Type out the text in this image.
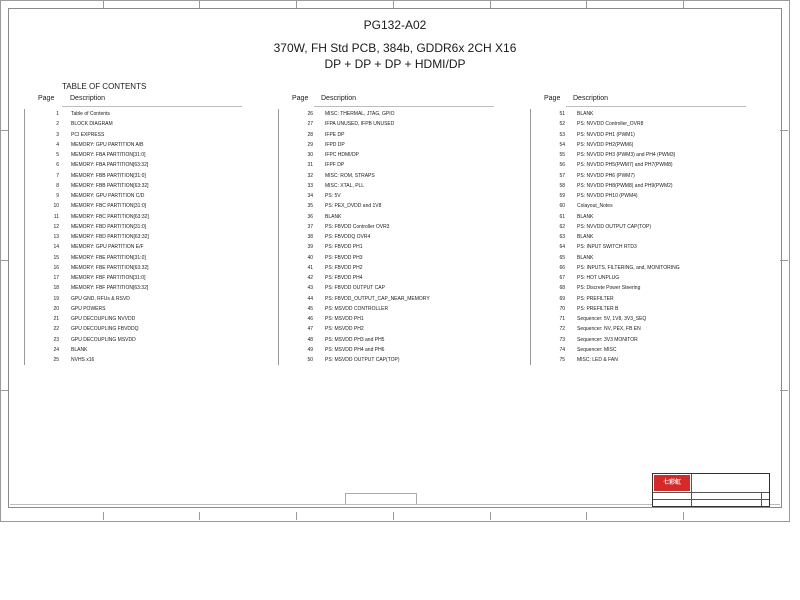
PG132-A02
370W, FH Std PCB, 384b, GDDR6x 2CH X16
DP + DP + DP + HDMI/DP
TABLE OF CONTENTS
Page Description
1 Table of Contents
2 BLOCK DIAGRAM
3 PCI EXPRESS
4 MEMORY: GPU PARTITION A/B
5 MEMORY: FBA PARTITION[31:0]
6 MEMORY: FBA PARTITION[63:32]
7 MEMORY: FBB PARTITION[31:0]
8 MEMORY: FBB PARTITION[63:32]
9 MEMORY: GPU PARTITION C/D
10 MEMORY: FBC PARTITION[31:0]
11 MEMORY: FBC PARTITION[63:32]
12 MEMORY: FBD PARTITION[31:0]
13 MEMORY: FBD PARTITION[63:32]
14 MEMORY: GPU PARTITION E/F
15 MEMORY: FBE PARTITION[31:0]
16 MEMORY: FBE PARTITION[63:32]
17 MEMORY: FBF PARTITION[31:0]
18 MEMORY: FBF PARTITION[63:32]
19 GPU GND, RFUs & RSVD
20 GPU POWERS
21 GPU DECOUPLING NVVDD
22 GPU DECOUPLING FBVDDQ
23 GPU DECOUPLING MSVDD
24 BLANK
25 NVHS x16
Page Description
26 MISC: THERMAL, JTAG, GPIO
27 IFPA UNUSED, IFPB UNUSED
28 IFPE DP
29 IFPD DP
30 IFPC HDMI/DP
31 IFPF DP
32 MISC: ROM, STRAPS
33 MISC: XTAL, PLL
34 PS: 5V
35 PS: PEX_DVDD and 1V8
36 BLANK
37 PS: FBVDD Controller OVR3
38 PS: FBVDDQ OVR4
39 PS: FBVDD PH1
40 PS: FBVDD PH3
41 PS: FBVDD PH2
42 PS: FBVDD PH4
43 PS: FBVDD OUTPUT CAP
44 PS: FBVDD_OUTPUT_CAP_NEAR_MEMORY
45 PS: MSVDD CONTROLLER
46 PS: MSVDD PH1
47 PS: MSVDD PH2
48 PS: MSVDD PH3 and PH5
49 PS: MSVDD PH4 and PH6
50 PS: MSVDD OUTPUT CAP(TOP)
Page Description
51 BLANK
52 PS: NVVDD Controller_OVR8
53 PS: NVVDD PH1 (PWM1)
54 PS: NVVDD PH2(PWM6)
55 PS: NVVDD PH3 (PWM3) and PH4 (PWM3)
56 PS: NVVDD PH5(PWM7) and PH7(PWM8)
57 PS: NVVDD PH6 (PWM7)
58 PS: NVVDD PH8(PWM8) and PH9(PWM2)
59 PS: NVVDD PH10 (PWM4)
60 Colayout_Notes
61 BLANK
62 PS: NVVDD OUTPUT CAP(TOP)
63 BLANK
64 PS: INPUT SWITCH RTD3
65 BLANK
66 PS: INPUTS, FILTERING, and, MONITORING
67 PS: HOT UNPLUG
68 PS: Discrete Power Steering
69 PS: PREFILTER
70 PS: PREFILTER B
71 Sequencer: 5V, 1V8, 3V3_SEQ
72 Sequencer: NV, PEX, FB EN
73 Sequencer: 3V3 MONITOR
74 Sequencer: MISC
75 MISC: LED & FAN
七彩虹
